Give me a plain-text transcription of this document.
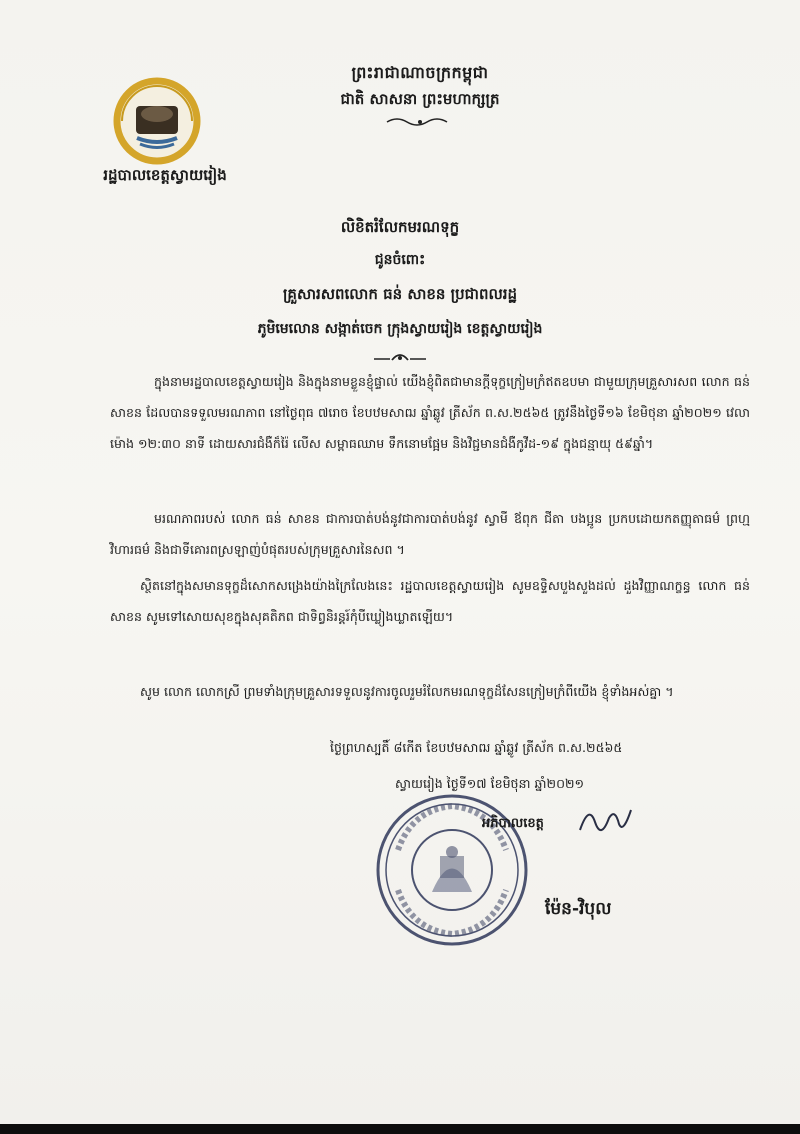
រដ្ឋបាលខេត្តស្វាយរៀង
ព្រះរាជាណាចក្រកម្ពុជា
ជាតិ សាសនា ព្រះមហាក្សត្រ
លិខិតរំលែកមរណទុក្ខ
ជូនចំពោះ
គ្រួសារសពលោក ធន់ សាខន ប្រជាពលរដ្ឋ
ភូមិមេលោន សង្កាត់ចេក ក្រុងស្វាយរៀង ខេត្តស្វាយរៀង
ក្នុងនាមរដ្ឋបាលខេត្តស្វាយរៀង និងក្នុងនាមខ្លួនខ្ញុំផ្ទាល់ យើងខ្ញុំពិតជាមានក្ដីទុក្ខក្រៀមក្រំឥតឧបមា ជាមួយក្រុមគ្រួសារសព លោក ធន់ សាខន ដែលបានទទួលមរណភាព នៅថ្ងៃពុធ ៧រោច ខែបឋមសាឍ ឆ្នាំឆ្លូវ ត្រីស័ក ព.ស.២៥៦៥ ត្រូវនឹងថ្ងៃទី១៦ ខែមិថុនា ឆ្នាំ២០២១ វេលាម៉ោង ១២:៣០ នាទី ដោយសារជំងឺក៏រ៉ៃ លើស សម្ពាធឈាម ទឹកនោមផ្អែម និងវិជ្ជមានជំងឺកូវីដ-១៩ ក្នុងជន្មាយុ ៥៩ឆ្នាំ។
មរណភាពរបស់ លោក ធន់ សាខន ជាការបាត់បង់នូវជាការបាត់បង់នូវ ស្វាមី ឪពុក ជីតា បងប្អូន ប្រកបដោយកតញ្ញុតាធម៌ ព្រហ្មវិហារធម៌ និងជាទីគោរពស្រឡាញ់បំផុតរបស់ក្រុមគ្រួសារនៃសព ។
ស្ថិតនៅក្នុងសមានទុក្ខដ៏សោកសង្រេងយ៉ាងក្រៃលែងនេះ រដ្ឋបាលខេត្តស្វាយរៀង សូមឧទ្ទិសបួងសួងដល់ ដួងវិញ្ញាណក្ខន្ធ លោក ធន់ សាខន សូមទៅសោយសុខក្នុងសុគតិភព ជាទិព្វនិរន្តរ៍កុំបីឃ្លៀងឃ្លាតឡើយ។
សូម លោក លោកស្រី ព្រមទាំងក្រុមគ្រួសារទទួលនូវការចូលរួមរំលែកមរណទុក្ខដ៏សែនក្រៀមក្រំពីយើង ខ្ញុំទាំងអស់គ្នា ។
ថ្ងៃព្រហស្បតិ៍ ៨កើត ខែបឋមសាឍ ឆ្នាំឆ្លូវ ត្រីស័ក ព.ស.២៥៦៥
ស្វាយរៀង ថ្ងៃទី១៧ ខែមិថុនា ឆ្នាំ២០២១
អភិបាលខេត្ត
ម៉ែន-វិបុល
